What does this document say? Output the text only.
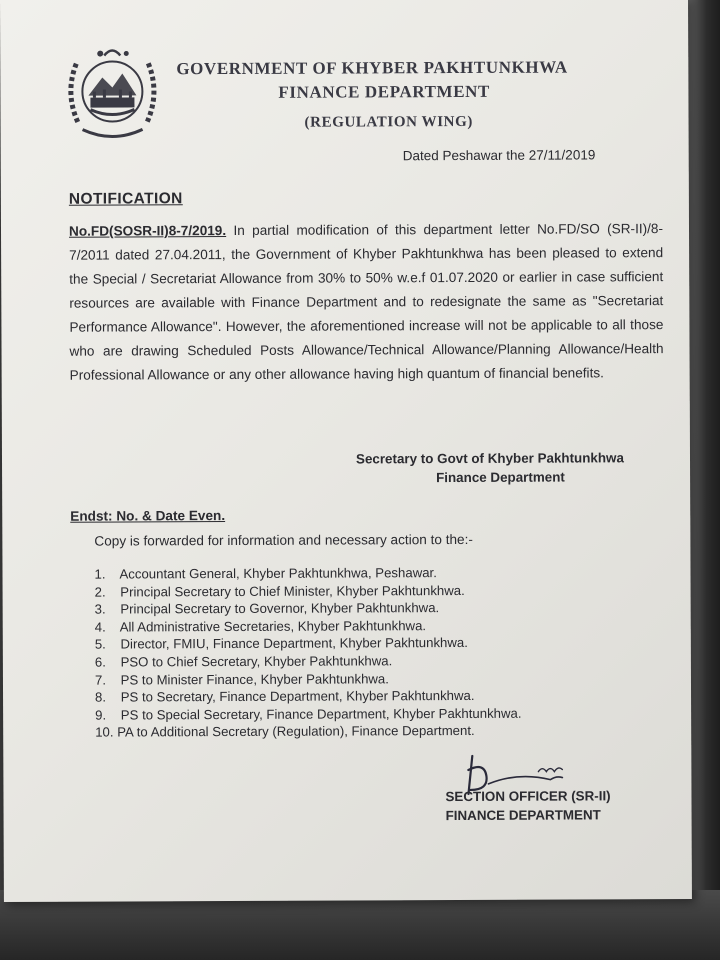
GOVERNMENT OF KHYBER PAKHTUNKHWA
FINANCE DEPARTMENT
(REGULATION WING)
Dated Peshawar the 27/11/2019
NOTIFICATION
No.FD(SOSR-II)8-7/2019. In partial modification of this department letter No.FD/SO (SR-II)/8-7/2011 dated 27.04.2011, the Government of Khyber Pakhtunkhwa has been pleased to extend the Special / Secretariat Allowance from 30% to 50% w.e.f 01.07.2020 or earlier in case sufficient resources are available with Finance Department and to redesignate the same as "Secretariat Performance Allowance". However, the aforementioned increase will not be applicable to all those who are drawing Scheduled Posts Allowance/Technical Allowance/Planning Allowance/Health Professional Allowance or any other allowance having high quantum of financial benefits.
Secretary to Govt of Khyber Pakhtunkhwa
Finance Department
Endst: No. & Date Even.
Copy is forwarded for information and necessary action to the:-
1. Accountant General, Khyber Pakhtunkhwa, Peshawar.
2. Principal Secretary to Chief Minister, Khyber Pakhtunkhwa.
3. Principal Secretary to Governor, Khyber Pakhtunkhwa.
4. All Administrative Secretaries, Khyber Pakhtunkhwa.
5. Director, FMIU, Finance Department, Khyber Pakhtunkhwa.
6. PSO to Chief Secretary, Khyber Pakhtunkhwa.
7. PS to Minister Finance, Khyber Pakhtunkhwa.
8. PS to Secretary, Finance Department, Khyber Pakhtunkhwa.
9. PS to Special Secretary, Finance Department, Khyber Pakhtunkhwa.
10. PA to Additional Secretary (Regulation), Finance Department.
SECTION OFFICER (SR-II)
FINANCE DEPARTMENT
